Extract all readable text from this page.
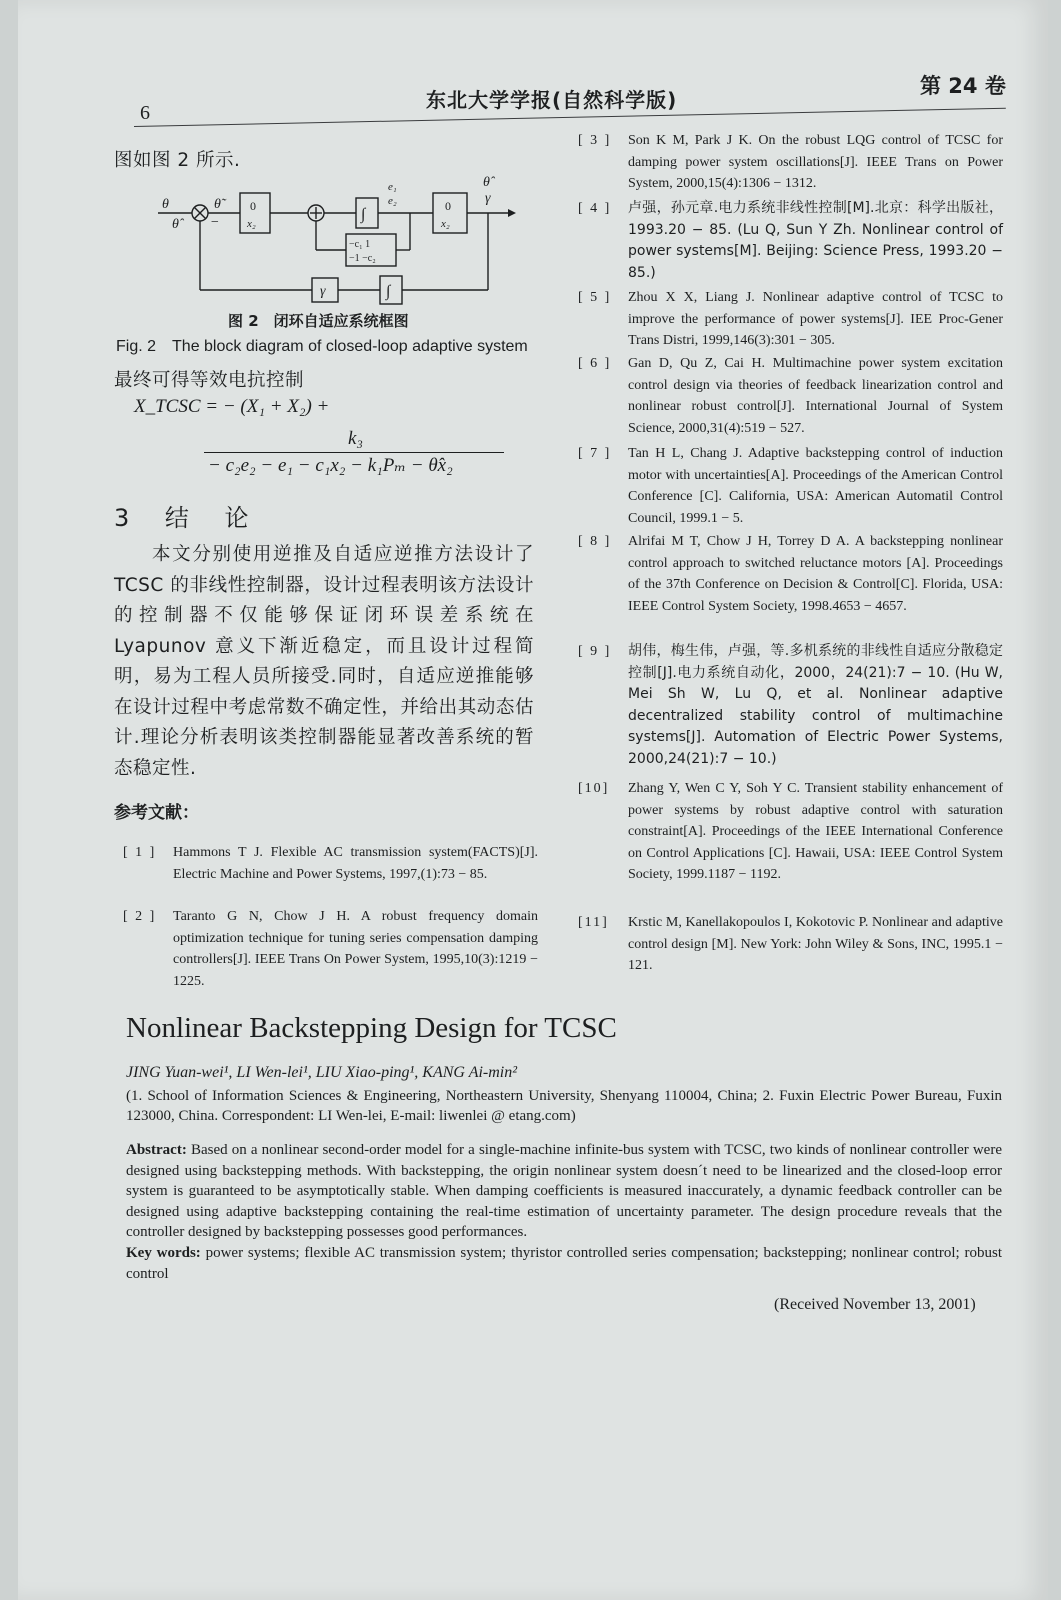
6
东北大学学报(自然科学版)
第 24 卷
图如图 2 所示.
θ
θ̂	−
θ̃	0
x₂
∫
e₁
e₂	0
x₂
θ̂
γ
−c₁ 1
−1 −c₂
∫
γ
图 2　闭环自适应系统框图
Fig. 2　The block diagram of closed-loop adaptive system
最终可得等效电抗控制
X_TCSC = − (X₁ + X₂) +
k₃
− c₂e₂ − e₁ − c₁x₂ − k₁Pₘ − θ̂x₂
3 结 论
本文分别使用逆推及自适应逆推方法设计了TCSC 的非线性控制器，设计过程表明该方法设计的控制器不仅能够保证闭环误差系统在 Lyapunov 意义下渐近稳定，而且设计过程简明，易为工程人员所接受.同时，自适应逆推能够在设计过程中考虑常数不确定性，并给出其动态估计.理论分析表明该类控制器能显著改善系统的暂态稳定性.
参考文献：
[ 1 ] Hammons T J. Flexible AC transmission system(FACTS)[J]. Electric Machine and Power Systems, 1997,(1):73 − 85.
[ 2 ] Taranto G N, Chow J H. A robust frequency domain optimization technique for tuning series compensation damping controllers[J]. IEEE Trans On Power System, 1995,10(3):1219 − 1225.
[ 3 ] Son K M, Park J K. On the robust LQG control of TCSC for damping power system oscillations[J]. IEEE Trans on Power System, 2000,15(4):1306 − 1312.
[ 4 ] 卢强，孙元章.电力系统非线性控制[M].北京：科学出版社，1993.20 − 85. (Lu Q, Sun Y Zh. Nonlinear control of power systems[M]. Beijing: Science Press, 1993.20 − 85.)
[ 5 ] Zhou X X, Liang J. Nonlinear adaptive control of TCSC to improve the performance of power systems[J]. IEE Proc-Gener Trans Distri, 1999,146(3):301 − 305.
[ 6 ] Gan D, Qu Z, Cai H. Multimachine power system excitation control design via theories of feedback linearization control and nonlinear robust control[J]. International Journal of System Science, 2000,31(4):519 − 527.
[ 7 ] Tan H L, Chang J. Adaptive backstepping control of induction motor with uncertainties[A]. Proceedings of the American Control Conference [C]. California, USA: American Automatil Control Council, 1999.1 − 5.
[ 8 ] Alrifai M T, Chow J H, Torrey D A. A backstepping nonlinear control approach to switched reluctance motors [A]. Proceedings of the 37th Conference on Decision & Control[C]. Florida, USA: IEEE Control System Society, 1998.4653 − 4657.
[ 9 ] 胡伟，梅生伟，卢强，等.多机系统的非线性自适应分散稳定控制[J].电力系统自动化，2000，24(21):7 − 10. (Hu W, Mei Sh W, Lu Q, et al. Nonlinear adaptive decentralized stability control of multimachine systems[J]. Automation of Electric Power Systems, 2000,24(21):7 − 10.)
[10] Zhang Y, Wen C Y, Soh Y C. Transient stability enhancement of power systems by robust adaptive control with saturation constraint[A]. Proceedings of the IEEE International Conference on Control Applications [C]. Hawaii, USA: IEEE Control System Society, 1999.1187 − 1192.
[11] Krstic M, Kanellakopoulos I, Kokotovic P. Nonlinear and adaptive control design [M]. New York: John Wiley & Sons, INC, 1995.1 − 121.
Nonlinear Backstepping Design for TCSC
JING Yuan-wei¹, LI Wen-lei¹, LIU Xiao-ping¹, KANG Ai-min²
(1. School of Information Sciences & Engineering, Northeastern University, Shenyang 110004, China; 2. Fuxin Electric Power Bureau, Fuxin 123000, China. Correspondent: LI Wen-lei, E-mail: liwenlei @ etang.com)
Abstract: Based on a nonlinear second-order model for a single-machine infinite-bus system with TCSC, two kinds of nonlinear controller were designed using backstepping methods. With backstepping, the origin nonlinear system doesn´t need to be linearized and the closed-loop error system is guaranteed to be asymptotically stable. When damping coefficients is measured inaccurately, a dynamic feedback controller can be designed using adaptive backstepping containing the real-time estimation of uncertainty parameter. The design procedure reveals that the controller designed by backstepping possesses good performances.
Key words: power systems; flexible AC transmission system; thyristor controlled series compensation; backstepping; nonlinear control; robust control
(Received November 13, 2001)
